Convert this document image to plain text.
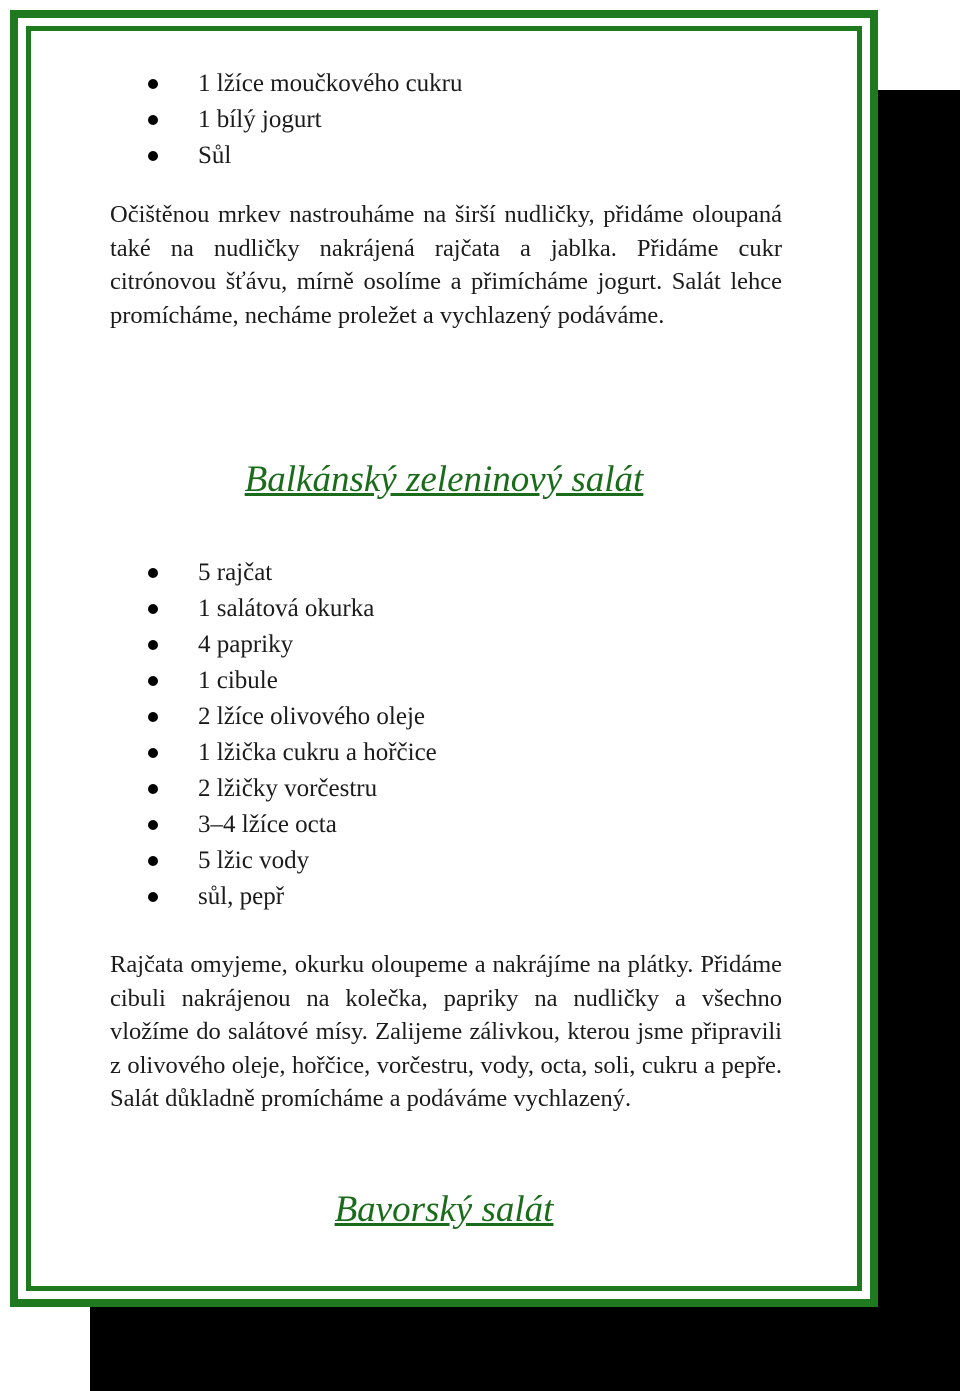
1 lžíce moučkového cukru
1 bílý jogurt
Sůl

Očištěnou mrkev nastrouháme na širší nudličky, přidáme oloupaná také na nudličky nakrájená rajčata a jablka. Přidáme cukr citrónovou šťávu, mírně osolíme a přimícháme jogurt. Salát lehce promícháme, necháme proležet a vychlazený podáváme.

Balkánský zeleninový salát
5 rajčat
1 salátová okurka
4 papriky
1 cibule
2 lžíce olivového oleje
1 lžička cukru a hořčice
2 lžičky vorčestru
3–4 lžíce octa
5 lžic vody
sůl, pepř

Rajčata omyjeme, okurku oloupeme a nakrájíme na plátky. Přidáme cibuli nakrájenou na kolečka, papriky na nudličky a všechno vložíme do salátové mísy. Zalijeme zálivkou, kterou jsme připravili z olivového oleje, hořčice, vorčestru, vody, octa, soli, cukru a pepře. Salát důkladně promícháme a podáváme vychlazený.

Bavorský salát
